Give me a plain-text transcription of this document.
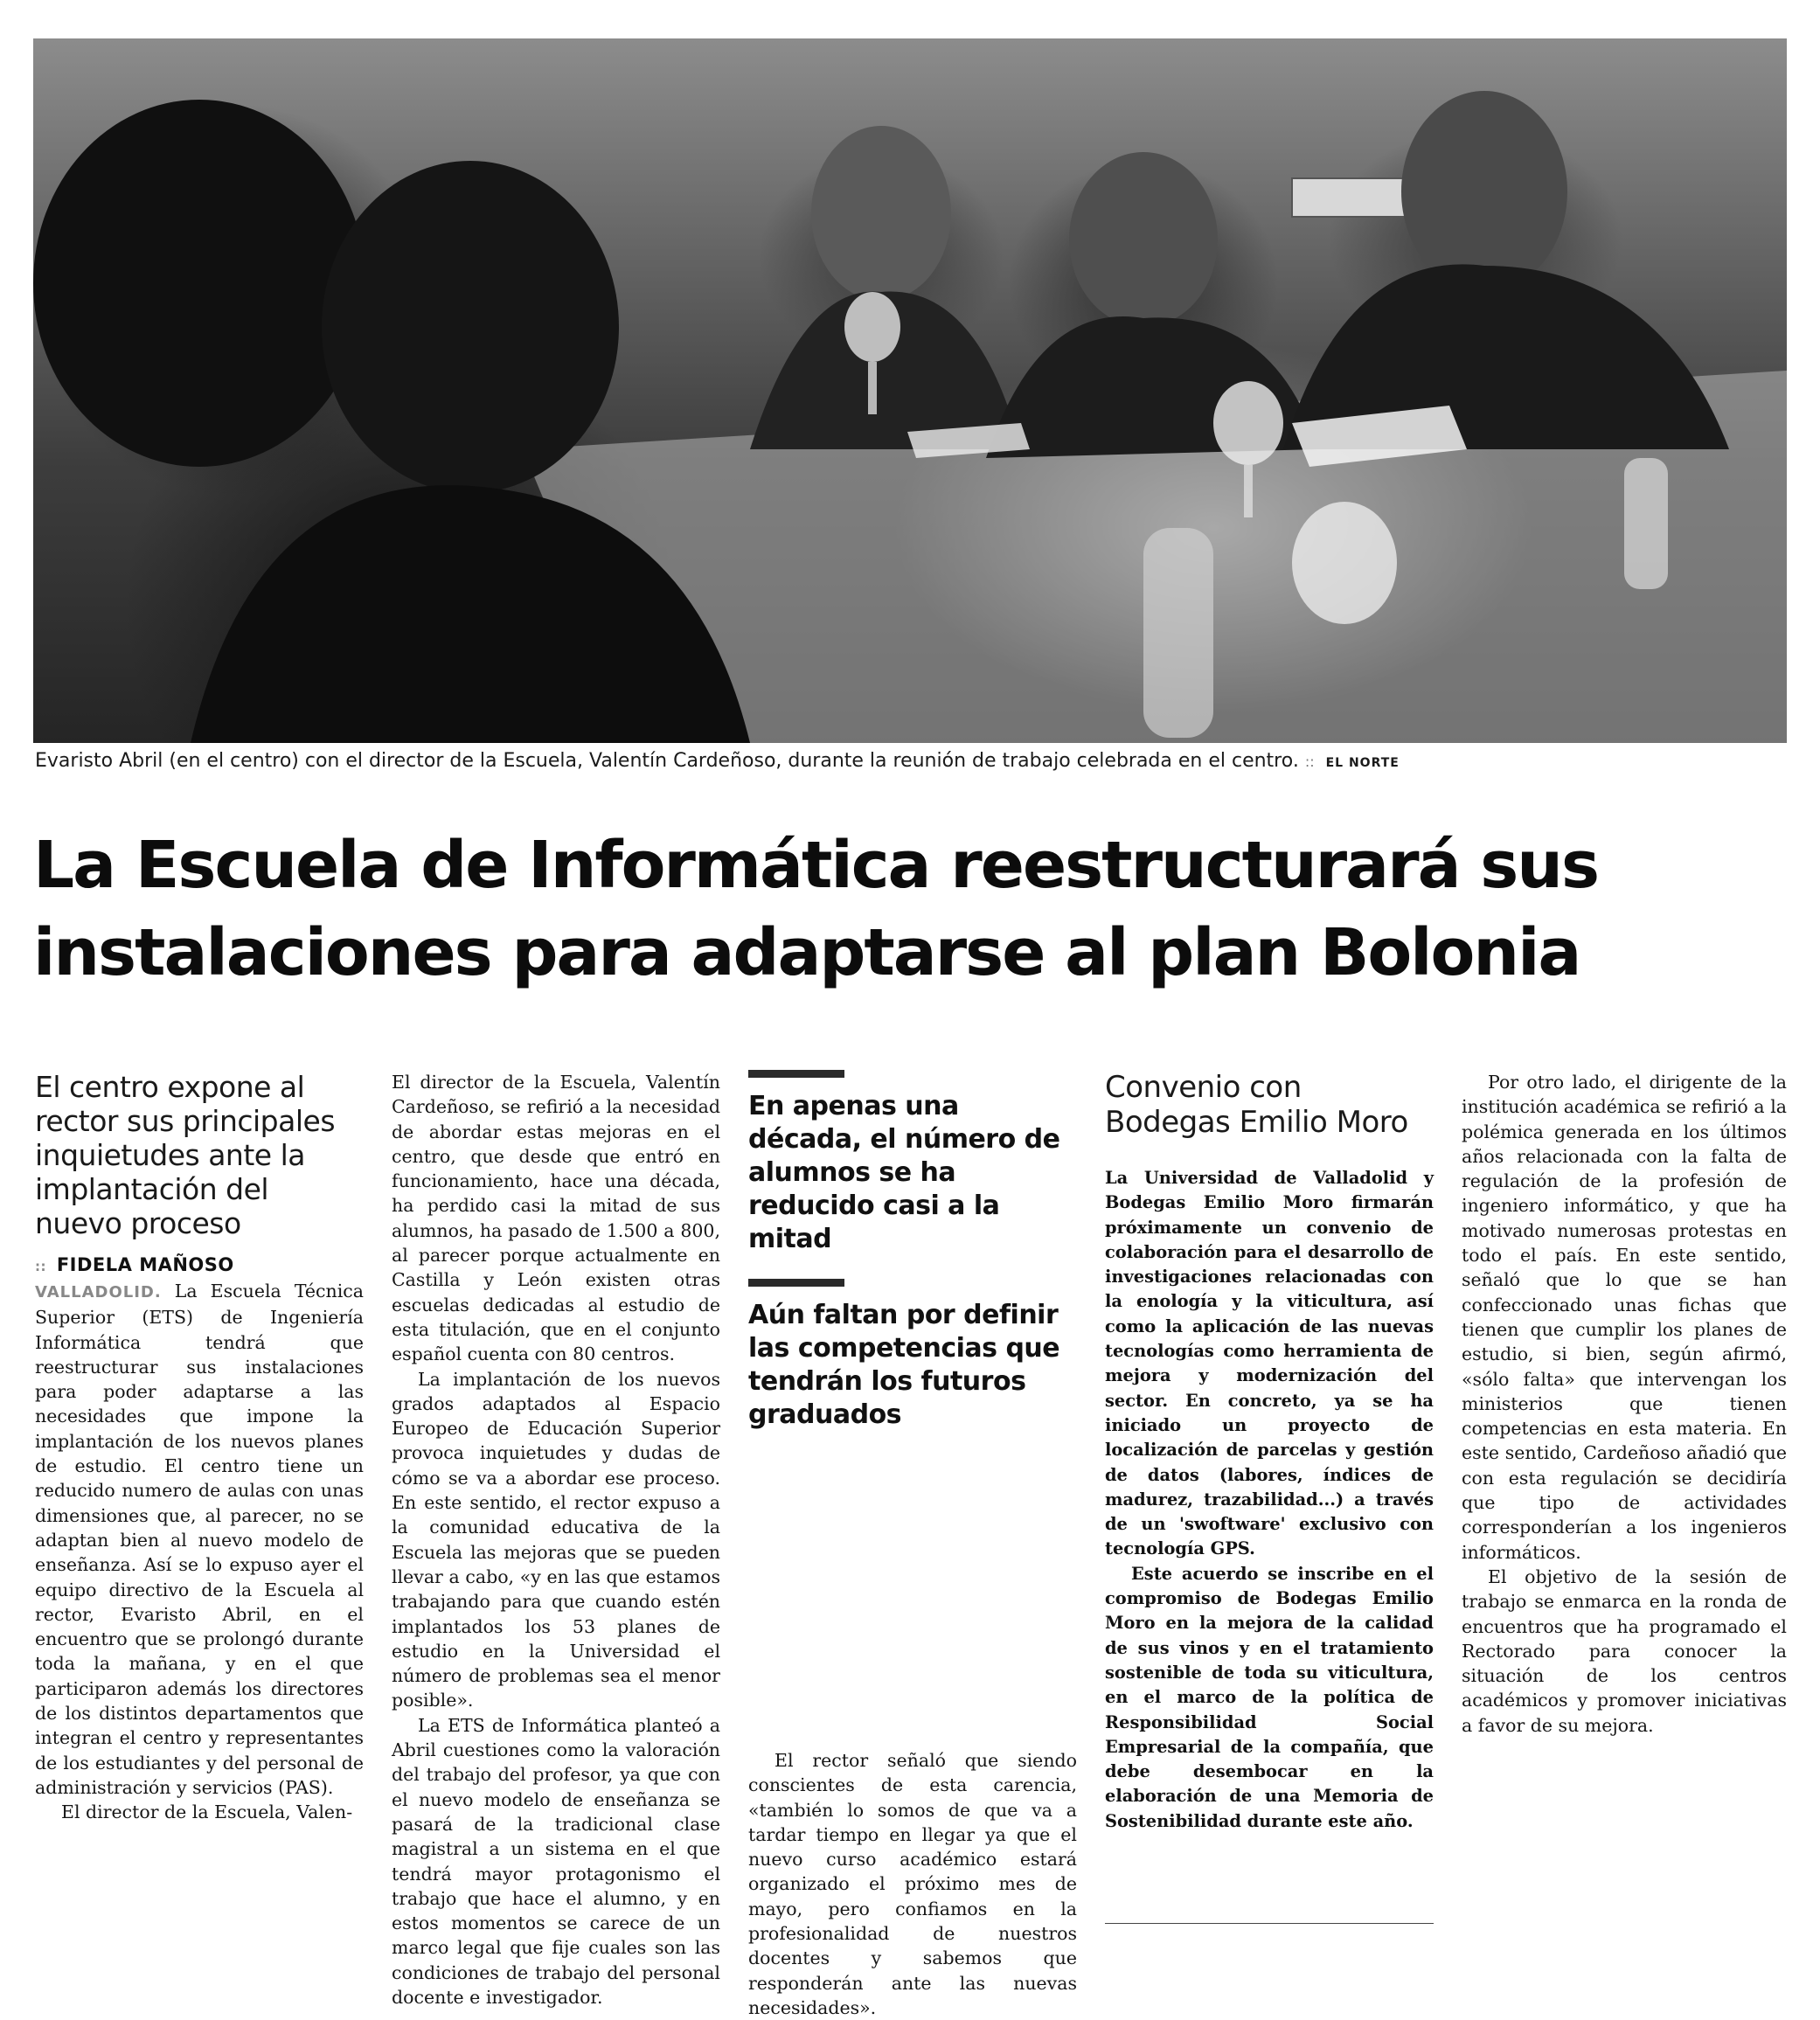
Evaristo Abril (en el centro) con el director de la Escuela, Valentín Cardeñoso, durante la reunión de trabajo celebrada en el centro. :: EL NORTE
La Escuela de Informática reestructurará sus
instalaciones para adaptarse al plan Bolonia
El centro expone al rector sus principales inquietudes ante la implantación del nuevo proceso
:: FIDELA MAÑOSO

VALLADOLID. La Escuela Técnica Superior (ETS) de Ingeniería Informática tendrá que reestructurar sus instalaciones para poder adaptarse a las necesidades que impone la implantación de los nuevos planes de estudio. El centro tiene un reducido numero de aulas con unas dimensiones que, al parecer, no se adaptan bien al nuevo modelo de enseñanza. Así se lo expuso ayer el equipo directivo de la Escuela al rector, Evaristo Abril, en el encuentro que se prolongó durante toda la mañana, y en el que participaron además los directores de los distintos departamentos que integran el centro y representantes de los estudiantes y del personal de administración y servicios (PAS).

El director de la Escuela, Valen-

El director de la Escuela, Valentín Cardeñoso, se refirió a la necesidad de abordar estas mejoras en el centro, que desde que entró en funcionamiento, hace una década, ha perdido casi la mitad de sus alumnos, ha pasado de 1.500 a 800, al parecer porque actualmente en Castilla y León existen otras escuelas dedicadas al estudio de esta titulación, que en el conjunto español cuenta con 80 centros.

La implantación de los nuevos grados adaptados al Espacio Europeo de Educación Superior provoca inquietudes y dudas de cómo se va a abordar ese proceso. En este sentido, el rector expuso a la comunidad educativa de la Escuela las mejoras que se pueden llevar a cabo, «y en las que estamos trabajando para que cuando estén implantados los 53 planes de estudio en la Universidad el número de problemas sea el menor posible».

La ETS de Informática planteó a Abril cuestiones como la valoración del trabajo del profesor, ya que con el nuevo modelo de enseñanza se pasará de la tradicional clase magistral a un sistema en el que tendrá mayor protagonismo el trabajo que hace el alumno, y en estos momentos se carece de un marco legal que fije cuales son las condiciones de trabajo del personal docente e investigador.

En apenas una década, el número de alumnos se ha reducido casi a la mitad
Aún faltan por definir las competencias que tendrán los futuros graduados

El rector señaló que siendo conscientes de esta carencia, «también lo somos de que va a tardar tiempo en llegar ya que el nuevo curso académico estará organizado el próximo mes de mayo, pero confiamos en la profesionalidad de nuestros docentes y sabemos que responderán ante las nuevas necesidades».

Convenio con Bodegas Emilio Moro

La Universidad de Valladolid y Bodegas Emilio Moro firmarán próximamente un convenio de colaboración para el desarrollo de investigaciones relacionadas con la enología y la viticultura, así como la aplicación de las nuevas tecnologías como herramienta de mejora y modernización del sector. En concreto, ya se ha iniciado un proyecto de localización de parcelas y gestión de datos (labores, índices de madurez, trazabilidad...) a través de un 'swoftware' exclusivo con tecnología GPS.

Este acuerdo se inscribe en el compromiso de Bodegas Emilio Moro en la mejora de la calidad de sus vinos y en el tratamiento sostenible de toda su viticultura, en el marco de la política de Responsibilidad Social Empresarial de la compañía, que debe desembocar en la elaboración de una Memoria de Sostenibilidad durante este año.

Por otro lado, el dirigente de la institución académica se refirió a la polémica generada en los últimos años relacionada con la falta de regulación de la profesión de ingeniero informático, y que ha motivado numerosas protestas en todo el país. En este sentido, señaló que lo que se han confeccionado unas fichas que tienen que cumplir los planes de estudio, si bien, según afirmó, «sólo falta» que intervengan los ministerios que tienen competencias en esta materia. En este sentido, Cardeñoso añadió que con esta regulación se decidiría que tipo de actividades corresponderían a los ingenieros informáticos.

El objetivo de la sesión de trabajo se enmarca en la ronda de encuentros que ha programado el Rectorado para conocer la situación de los centros académicos y promover iniciativas a favor de su mejora.
